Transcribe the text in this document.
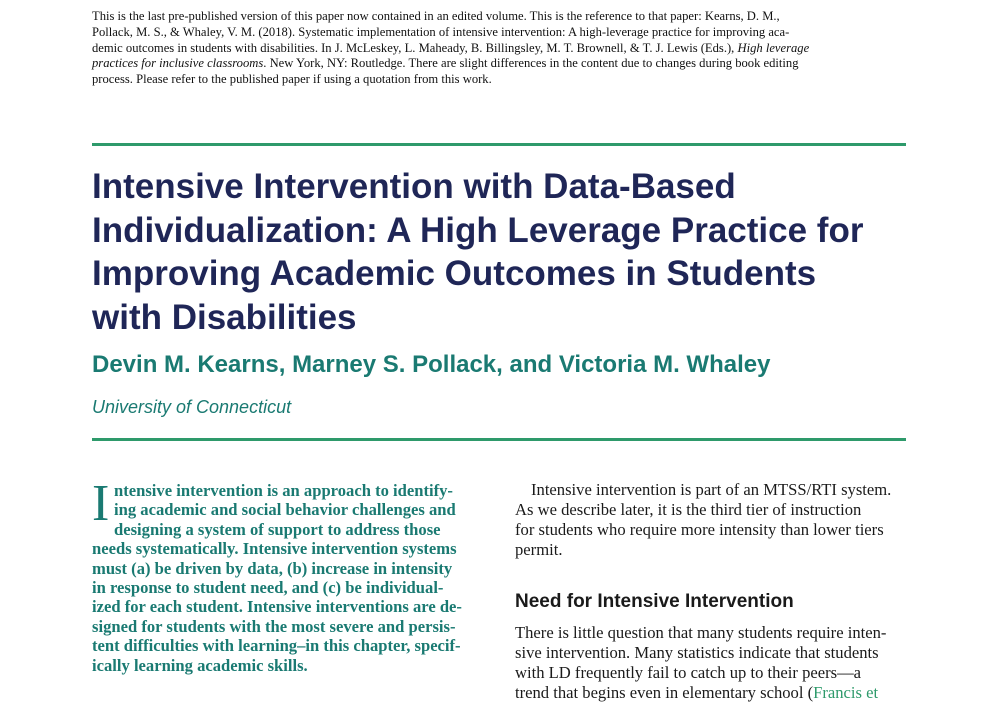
This is the last pre-published version of this paper now contained in an edited volume. This is the reference to that paper: Kearns, D. M.,
Pollack, M. S., & Whaley, V. M. (2018). Systematic implementation of intensive intervention: A high-leverage practice for improving aca-
demic outcomes in students with disabilities. In J. McLeskey, L. Maheady, B. Billingsley, M. T. Brownell, & T. J. Lewis (Eds.), High leverage
practices for inclusive classrooms. New York, NY: Routledge. There are slight differences in the content due to changes during book editing
process. Please refer to the published paper if using a quotation from this work.
Intensive Intervention with Data-Based
Individualization: A High Leverage Practice for
Improving Academic Outcomes in Students
with Disabilities

Devin M. Kearns, Marney S. Pollack, and Victoria M. Whaley

University of Connecticut

I ntensive intervention is an approach to identify-
ing academic and social behavior challenges and
designing a system of support to address those
needs systematically. Intensive intervention systems
must (a) be driven by data, (b) increase in intensity
in response to student need, and (c) be individual-
ized for each student. Intensive interventions are de-
signed for students with the most severe and persis-
tent difficulties with learning–in this chapter, specif-
ically learning academic skills.
Intensive intervention is part of an MTSS/RTI system.
As we describe later, it is the third tier of instruction
for students who require more intensity than lower tiers
permit.
Need for Intensive Intervention
There is little question that many students require inten-
sive intervention. Many statistics indicate that students
with LD frequently fail to catch up to their peers—a
trend that begins even in elementary school (Francis et
